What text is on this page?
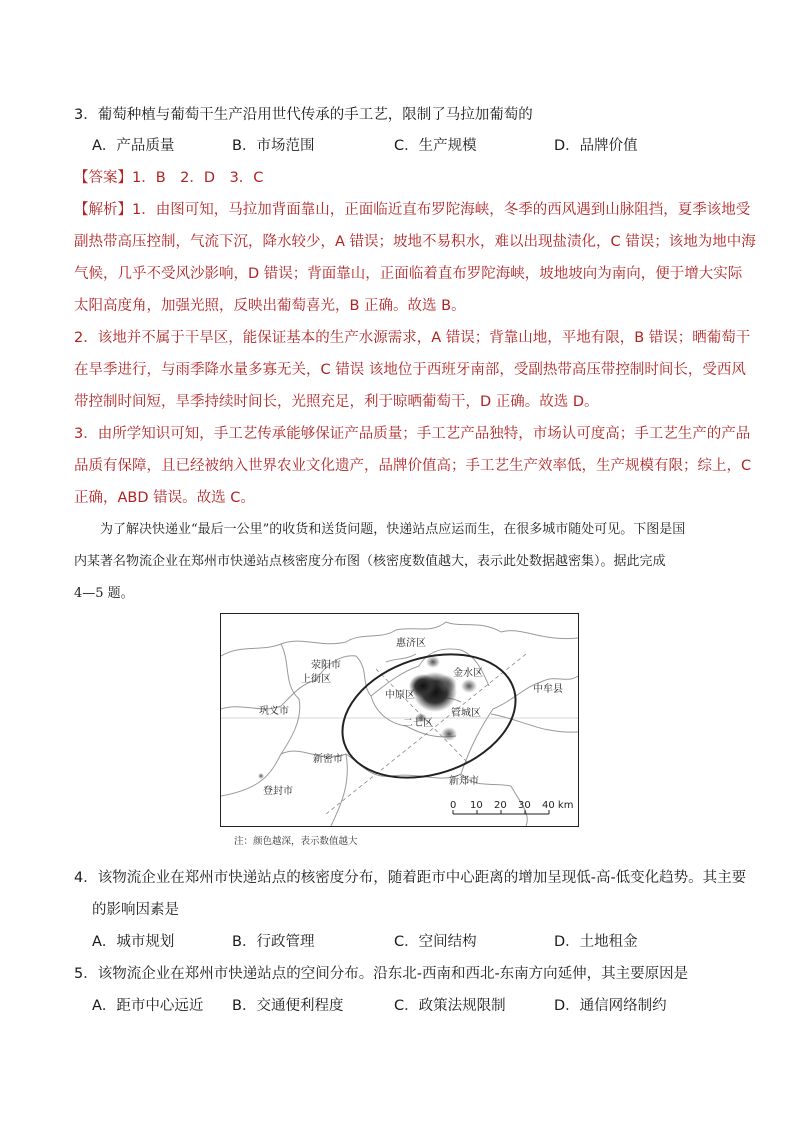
3．葡萄种植与葡萄干生产沿用世代传承的手工艺，限制了马拉加葡萄的
A．产品质量	B．市场范围	C．生产规模	D．品牌价值
【答案】1．B　2．D　3．C
【解析】1．由图可知，马拉加背面靠山，正面临近直布罗陀海峡，冬季的西风遇到山脉阻挡，夏季该地受
副热带高压控制，气流下沉，降水较少，A 错误；坡地不易积水，难以出现盐渍化，C 错误；该地为地中海
气候，几乎不受风沙影响，D 错误；背面靠山，正面临着直布罗陀海峡，坡地坡向为南向，便于增大实际
太阳高度角，加强光照，反映出葡萄喜光，B 正确。故选 B。
2．该地并不属于干旱区，能保证基本的生产水源需求，A 错误；背靠山地，平地有限，B 错误；晒葡萄干
在旱季进行，与雨季降水量多寡无关，C 错误 该地位于西班牙南部，受副热带高压带控制时间长，受西风
带控制时间短，旱季持续时间长，光照充足，利于晾晒葡萄干，D 正确。故选 D。
3．由所学知识可知，手工艺传承能够保证产品质量；手工艺产品独特，市场认可度高；手工艺生产的产品
品质有保障，且已经被纳入世界农业文化遗产，品牌价值高；手工艺生产效率低，生产规模有限；综上，C
正确，ABD 错误。故选 C。
为了解决快递业“最后一公里”的收货和送货问题，快递站点应运而生，在很多城市随处可见。下图是国
内某著名物流企业在郑州市快递站点核密度分布图（核密度数值越大，表示此处数据越密集）。据此完成
4—5 题。
惠济区
荥阳市
上街区
金水区
中原区
中牟县
巩义市
二七区
管城区
新密市
新郑市
登封市
0 10 20 30 40 km
注：颜色越深，表示数值越大
4．该物流企业在郑州市快递站点的核密度分布，随着距市中心距离的增加呈现低-高-低变化趋势。其主要
的影响因素是
A．城市规划	B．行政管理	C．空间结构	D．土地租金
5．该物流企业在郑州市快递站点的空间分布。沿东北-西南和西北-东南方向延伸，其主要原因是
A．距市中心远近 B．交通便利程度	C．政策法规限制	D．通信网络制约
